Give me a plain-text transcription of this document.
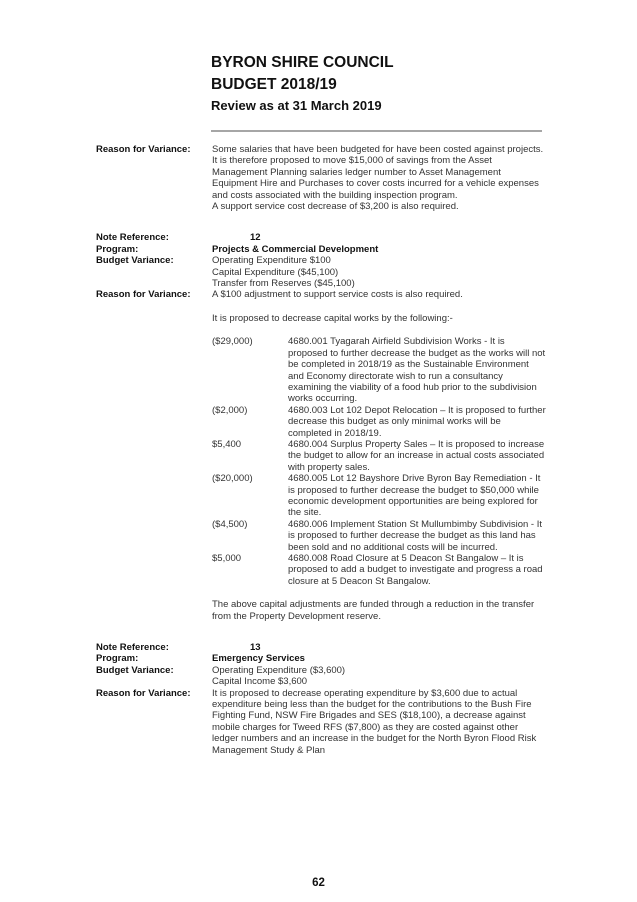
BYRON SHIRE COUNCIL
BUDGET 2018/19
Review as at 31 March 2019
Reason for Variance:	Some salaries that have been budgeted for have been costed against projects. It is therefore proposed to move $15,000 of savings from the Asset Management Planning salaries ledger number to Asset Management Equipment Hire and Purchases to cover costs incurred for a vehicle expenses and costs associated with the building inspection program.

A support service cost decrease of $3,200 is also required.

Note Reference:	12
Program:	Projects & Commercial Development
Budget Variance:	Operating Expenditure $100

Capital Expenditure ($45,100)

Transfer from Reserves ($45,100)

Reason for Variance:	A $100 adjustment to support service costs is also required.
It is proposed to decrease capital works by the following:-
($29,000)	4680.001 Tyagarah Airfield Subdivision Works - It is proposed to further decrease the budget as the works will not be completed in 2018/19 as the Sustainable Environment and Economy directorate wish to run a consultancy examining the viability of a food hub prior to the subdivision works occurring.
($2,000)	4680.003 Lot 102 Depot Relocation – It is proposed to further decrease this budget as only minimal works will be completed in 2018/19.
$5,400	4680.004 Surplus Property Sales – It is proposed to increase the budget to allow for an increase in actual costs associated with property sales.
($20,000)	4680.005 Lot 12 Bayshore Drive Byron Bay Remediation - It is proposed to further decrease the budget to $50,000 while economic development opportunities are being explored for the site.
($4,500)	4680.006 Implement Station St Mullumbimby Subdivision - It is proposed to further decrease the budget as this land has been sold and no additional costs will be incurred.
$5,000	4680.008 Road Closure at 5 Deacon St Bangalow – It is proposed to add a budget to investigate and progress a road closure at 5 Deacon St Bangalow.
The above capital adjustments are funded through a reduction in the transfer from the Property Development reserve.
Note Reference:	13
Program:	Emergency Services
Budget Variance:	Operating Expenditure ($3,600)

Capital Income $3,600

Reason for Variance:	It is proposed to decrease operating expenditure by $3,600 due to actual expenditure being less than the budget for the contributions to the Bush Fire Fighting Fund, NSW Fire Brigades and SES ($18,100), a decrease against mobile charges for Tweed RFS ($7,800) as they are costed against other ledger numbers and an increase in the budget for the North Byron Flood Risk Management Study & Plan
62
